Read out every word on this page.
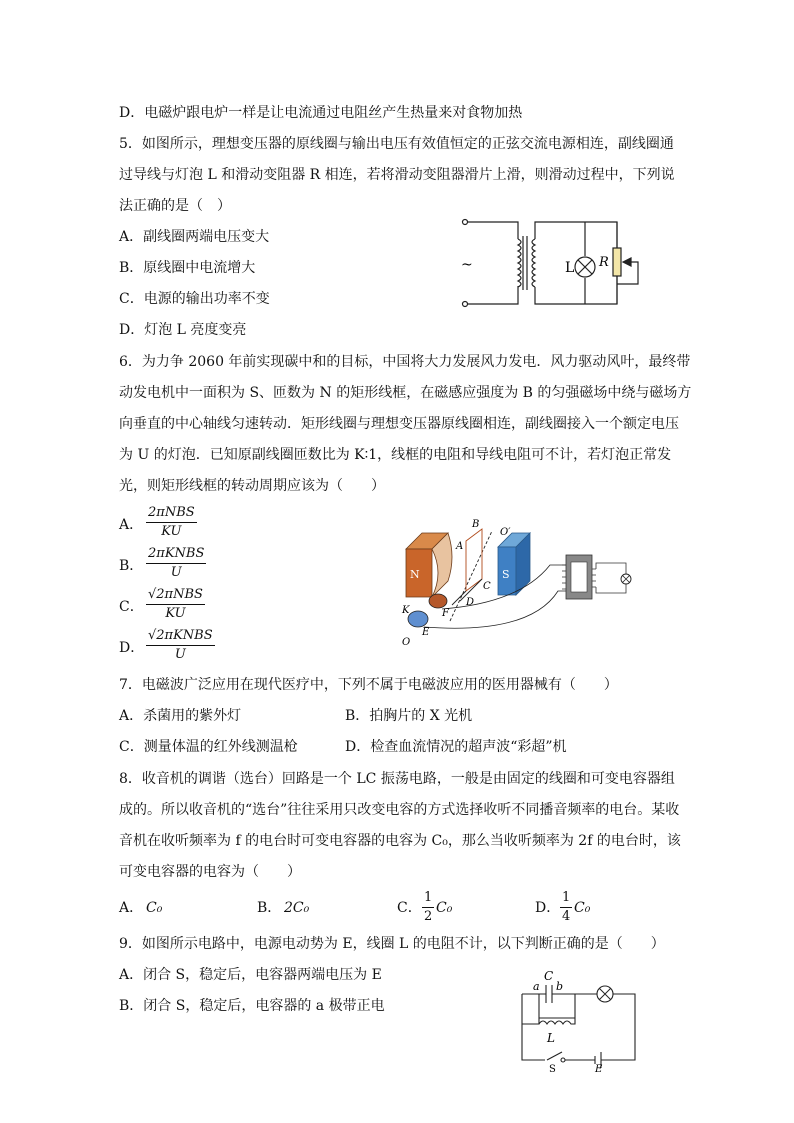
D．电磁炉跟电炉一样是让电流通过电阻丝产生热量来对食物加热
5．如图所示，理想变压器的原线圈与输出电压有效值恒定的正弦交流电源相连，副线圈通
过导线与灯泡 L 和滑动变阻器 R 相连，若将滑动变阻器滑片上滑，则滑动过程中，下列说
法正确的是（　）
A．副线圈两端电压变大
B．原线圈中电流增大
C．电源的输出功率不变
D．灯泡 L 亮度变亮
~	L R
6．为力争 2060 年前实现碳中和的目标，中国将大力发展风力发电．风力驱动风叶，最终带
动发电机中一面积为 S、匝数为 N 的矩形线框，在磁感应强度为 B 的匀强磁场中绕与磁场方
向垂直的中心轴线匀速转动．矩形线圈与理想变压器原线圈相连，副线圈接入一个额定电压
为 U 的灯泡．已知原副线圈匝数比为 K∶1，线框的电阻和导线电阻可不计，若灯泡正常发
光，则矩形线框的转动周期应该为（　　）
A．
2πNBS
KU
B．
2πKNBS
U
C．
√2πNBS
KU
D．
√2πKNBS
U
N	S
A
B
C
D
O′
K	F
E
O
7．电磁波广泛应用在现代医疗中，下列不属于电磁波应用的医用器械有（　　）
A．杀菌用的紫外灯	B．拍胸片的 X 光机
C．测量体温的红外线测温枪	D．检查血流情况的超声波“彩超”机
8．收音机的调谐（选台）回路是一个 LC 振荡电路，一般是由固定的线圈和可变电容器组
成的。所以收音机的“选台”往往采用只改变电容的方式选择收听不同播音频率的电台。某收
音机在收听频率为 f 的电台时可变电容器的电容为 C₀，那么当收听频率为 2f 的电台时，该
可变电容器的电容为（　　）
A． C₀	B． 2C₀	C． $\frac{1}{2} C_0$	D． $\frac{1}{4} C_0$
9．如图所示电路中，电源电动势为 E，线圈 L 的电阻不计，以下判断正确的是（　　）
A．闭合 S，稳定后，电容器两端电压为 E
B．闭合 S，稳定后，电容器的 a 极带正电
C
a b
L
S	E
